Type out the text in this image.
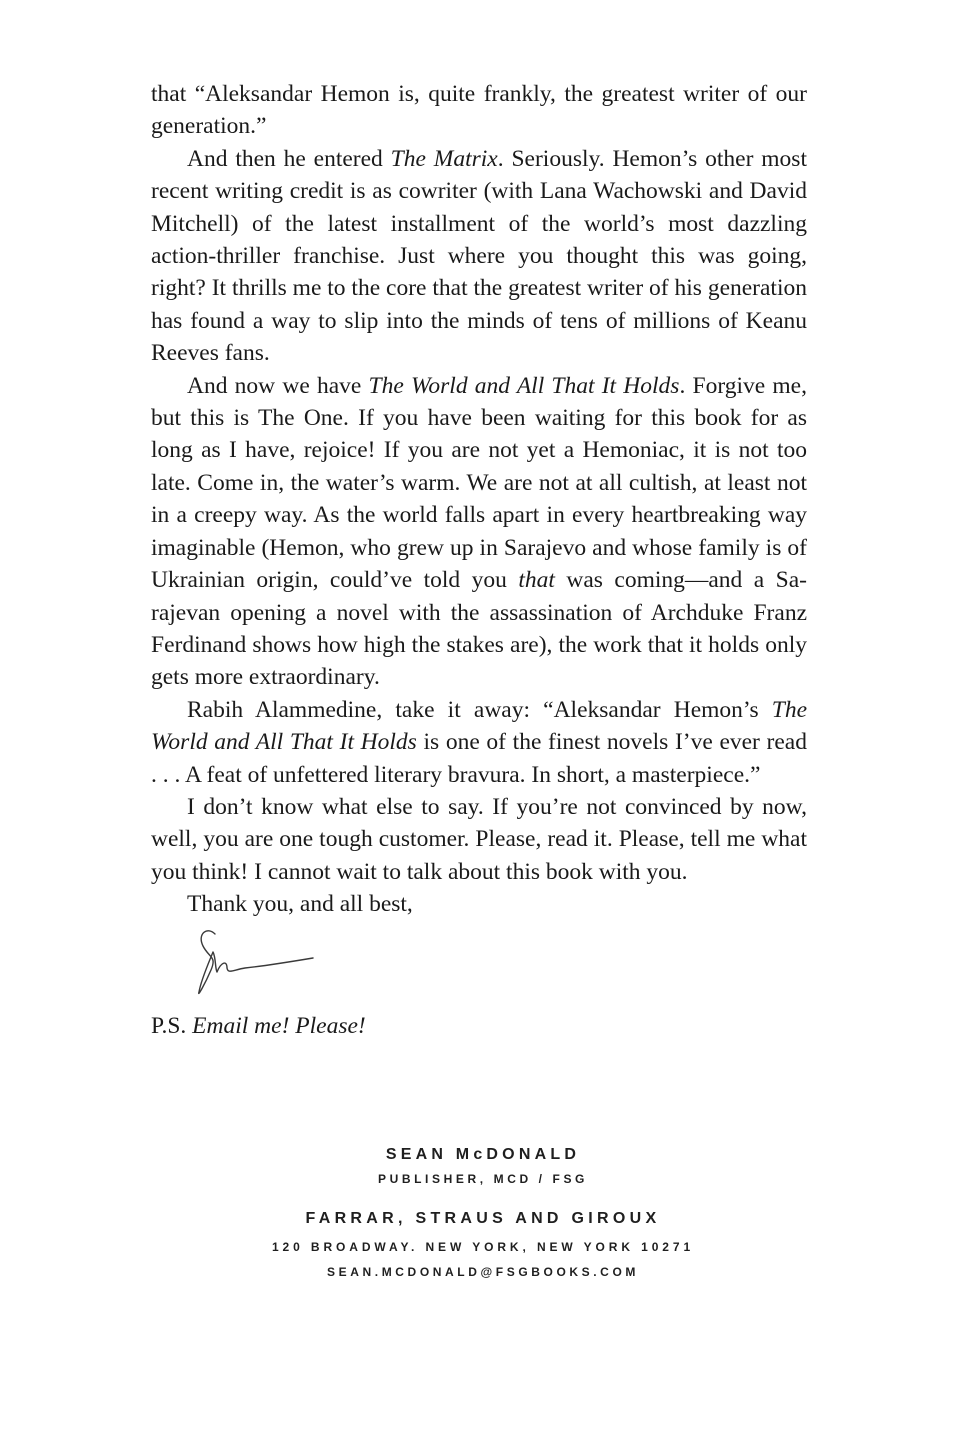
that “Aleksandar Hemon is, quite frankly, the greatest writer of our generation.”

And then he entered The Matrix. Seriously. Hemon’s other most recent writing credit is as cowriter (with Lana Wachowski and David Mitchell) of the latest installment of the world’s most dazzling action-thriller franchise. Just where you thought this was going, right? It thrills me to the core that the greatest writer of his generation has found a way to slip into the minds of tens of millions of Keanu Reeves fans.

And now we have The World and All That It Holds. Forgive me, but this is The One. If you have been waiting for this book for as long as I have, rejoice! If you are not yet a Hemoniac, it is not too late. Come in, the water’s warm. We are not at all cultish, at least not in a creepy way. As the world falls apart in every heartbreaking way imaginable (Hemon, who grew up in Sarajevo and whose family is of Ukrainian origin, could’ve told you that was coming—and a Sarajevan opening a novel with the assassination of Archduke Franz Ferdinand shows how high the stakes are), the work that it holds only gets more extraordinary.

Rabih Alammedine, take it away: “Aleksandar Hemon’s The World and All That It Holds is one of the finest novels I’ve ever read . . . A feat of unfettered literary bravura. In short, a masterpiece.”

I don’t know what else to say. If you’re not convinced by now, well, you are one tough customer. Please, read it. Please, tell me what you think! I cannot wait to talk about this book with you.

Thank you, and all best,

P.S. Email me! Please!
SEAN McDONALD
PUBLISHER, MCD / FSG
FARRAR, STRAUS AND GIROUX
120 BROADWAY. NEW YORK, NEW YORK 10271
SEAN.MCDONALD@FSGBOOKS.COM
